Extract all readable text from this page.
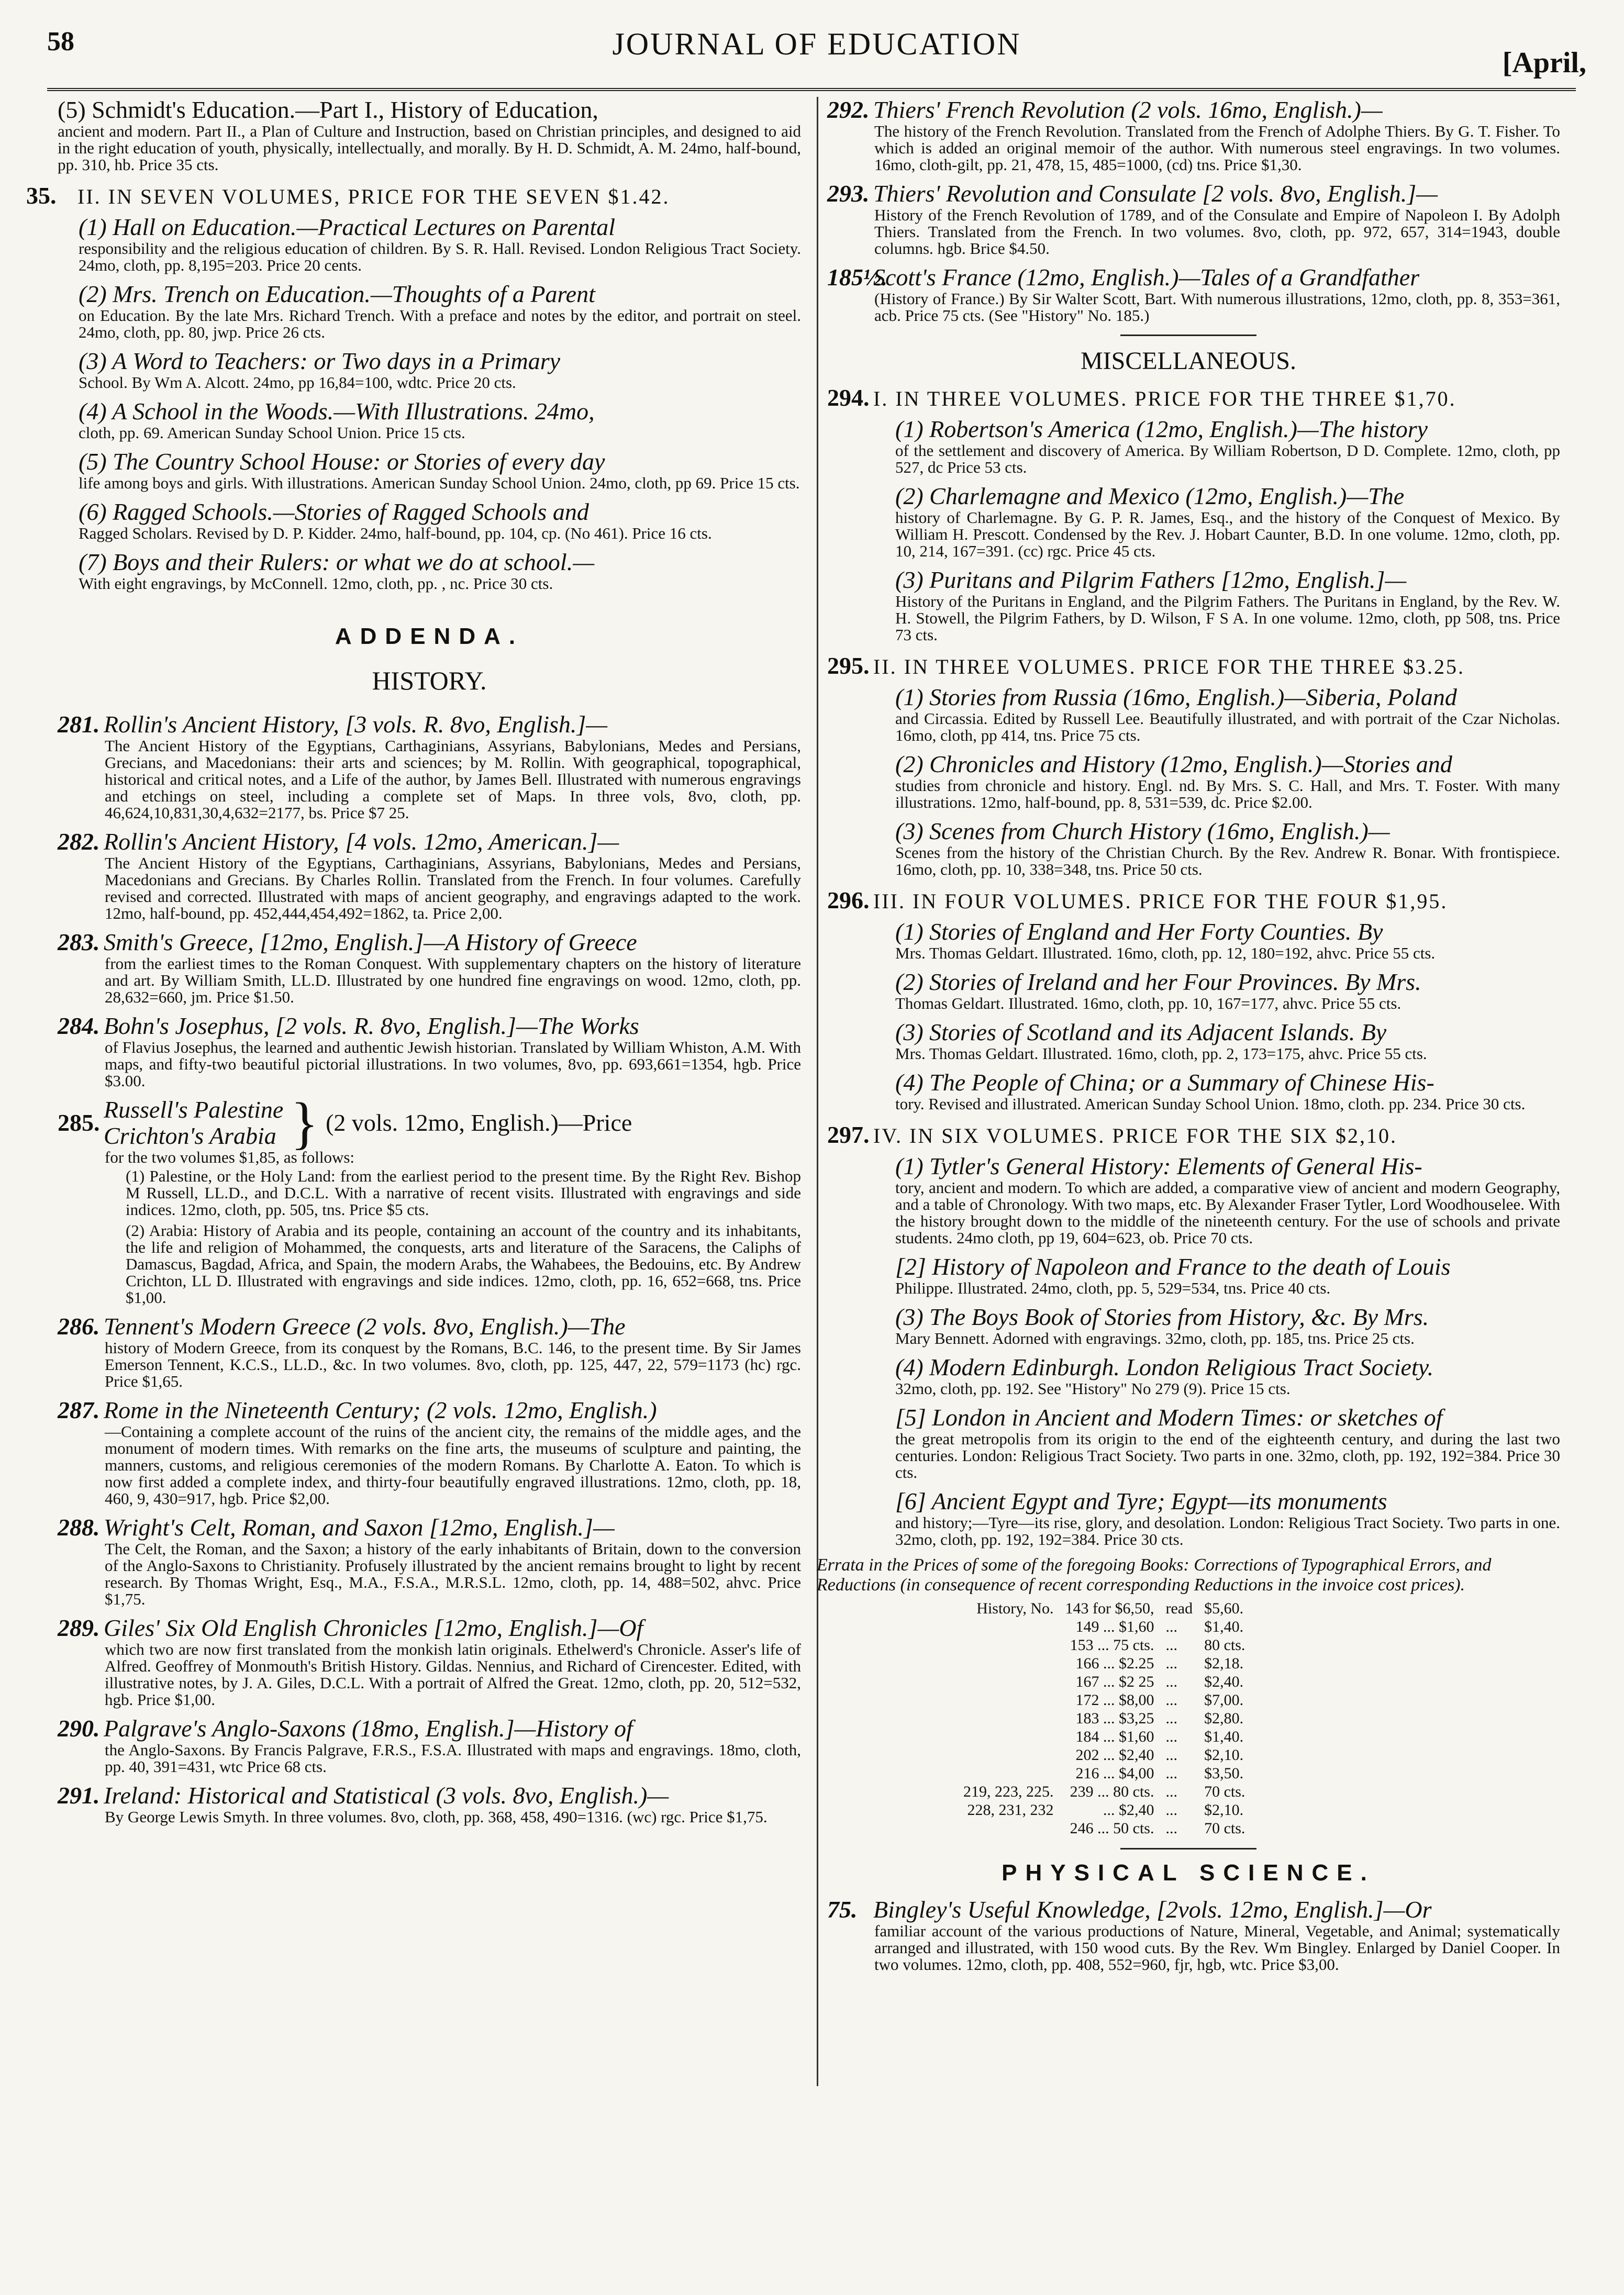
58	JOURNAL OF EDUCATION
[April,
(5) Schmidt's Education.—Part I., History of Education,
ancient and modern. Part II., a Plan of Culture and Instruction, based on Christian principles, and designed to aid in the right education of youth, physically, intellectually, and morally. By H. D. Schmidt, A. M. 24mo, half-bound, pp. 310, hb. Price 35 cts.
35. II. IN SEVEN VOLUMES, PRICE FOR THE SEVEN $1.42.
(1) Hall on Education.—Practical Lectures on Parental
responsibility and the religious education of children. By S. R. Hall. Revised. London Religious Tract Society. 24mo, cloth, pp. 8,195=203. Price 20 cents.
(2) Mrs. Trench on Education.—Thoughts of a Parent
on Education. By the late Mrs. Richard Trench. With a preface and notes by the editor, and portrait on steel. 24mo, cloth, pp. 80, jwp. Price 26 cts.
(3) A Word to Teachers: or Two days in a Primary
School. By Wm A. Alcott. 24mo, pp 16,84=100, wdtc. Price 20 cts.
(4) A School in the Woods.—With Illustrations. 24mo,
cloth, pp. 69. American Sunday School Union. Price 15 cts.
(5) The Country School House: or Stories of every day
life among boys and girls. With illustrations. American Sunday School Union. 24mo, cloth, pp 69. Price 15 cts.
(6) Ragged Schools.—Stories of Ragged Schools and
Ragged Scholars. Revised by D. P. Kidder. 24mo, half-bound, pp. 104, cp. (No 461). Price 16 cts.
(7) Boys and their Rulers: or what we do at school.—
With eight engravings, by McConnell. 12mo, cloth, pp. , nc. Price 30 cts.
ADDENDA.
HISTORY.
281. Rollin's Ancient History, [3 vols. R. 8vo, English.]—
The Ancient History of the Egyptians, Carthaginians, Assyrians, Babylonians, Medes and Persians, Grecians, and Macedonians: their arts and sciences; by M. Rollin. With geographical, topographical, historical and critical notes, and a Life of the author, by James Bell. Illustrated with numerous engravings and etchings on steel, including a complete set of Maps. In three vols, 8vo, cloth, pp. 46,624,10,831,30,4,632=2177, bs. Price $7 25.
282. Rollin's Ancient History, [4 vols. 12mo, American.]—
The Ancient History of the Egyptians, Carthaginians, Assyrians, Babylonians, Medes and Persians, Macedonians and Grecians. By Charles Rollin. Translated from the French. In four volumes. Carefully revised and corrected. Illustrated with maps of ancient geography, and engravings adapted to the work. 12mo, half-bound, pp. 452,444,454,492=1862, ta. Price 2,00.
283. Smith's Greece, [12mo, English.]—A History of Greece
from the earliest times to the Roman Conquest. With supplementary chapters on the history of literature and art. By William Smith, LL.D. Illustrated by one hundred fine engravings on wood. 12mo, cloth, pp. 28,632=660, jm. Price $1.50.
284. Bohn's Josephus, [2 vols. R. 8vo, English.]—The Works
of Flavius Josephus, the learned and authentic Jewish historian. Translated by William Whiston, A.M. With maps, and fifty-two beautiful pictorial illustrations. In two volumes, 8vo, pp. 693,661=1354, hgb. Price $3.00.
285. Russell's Palestine
Crichton's Arabia } (2 vols. 12mo, English.)—Price
for the two volumes $1,85, as follows:
(1) Palestine, or the Holy Land: from the earliest period to the present time. By the Right Rev. Bishop M Russell, LL.D., and D.C.L. With a narrative of recent visits. Illustrated with engravings and side indices. 12mo, cloth, pp. 505, tns. Price $5 cts.
(2) Arabia: History of Arabia and its people, containing an account of the country and its inhabitants, the life and religion of Mohammed, the conquests, arts and literature of the Saracens, the Caliphs of Damascus, Bagdad, Africa, and Spain, the modern Arabs, the Wahabees, the Bedouins, etc. By Andrew Crichton, LL D. Illustrated with engravings and side indices. 12mo, cloth, pp. 16, 652=668, tns. Price $1,00.
286. Tennent's Modern Greece (2 vols. 8vo, English.)—The
history of Modern Greece, from its conquest by the Romans, B.C. 146, to the present time. By Sir James Emerson Tennent, K.C.S., LL.D., &c. In two volumes. 8vo, cloth, pp. 125, 447, 22, 579=1173 (hc) rgc. Price $1,65.
287. Rome in the Nineteenth Century; (2 vols. 12mo, English.)
—Containing a complete account of the ruins of the ancient city, the remains of the middle ages, and the monument of modern times. With remarks on the fine arts, the museums of sculpture and painting, the manners, customs, and religious ceremonies of the modern Romans. By Charlotte A. Eaton. To which is now first added a complete index, and thirty-four beautifully engraved illustrations. 12mo, cloth, pp. 18, 460, 9, 430=917, hgb. Price $2,00.
288. Wright's Celt, Roman, and Saxon [12mo, English.]—
The Celt, the Roman, and the Saxon; a history of the early inhabitants of Britain, down to the conversion of the Anglo-Saxons to Christianity. Profusely illustrated by the ancient remains brought to light by recent research. By Thomas Wright, Esq., M.A., F.S.A., M.R.S.L. 12mo, cloth, pp. 14, 488=502, ahvc. Price $1,75.
289. Giles' Six Old English Chronicles [12mo, English.]—Of
which two are now first translated from the monkish latin originals. Ethelwerd's Chronicle. Asser's life of Alfred. Geoffrey of Monmouth's British History. Gildas. Nennius, and Richard of Cirencester. Edited, with illustrative notes, by J. A. Giles, D.C.L. With a portrait of Alfred the Great. 12mo, cloth, pp. 20, 512=532, hgb. Price $1,00.
290. Palgrave's Anglo-Saxons (18mo, English.]—History of
the Anglo-Saxons. By Francis Palgrave, F.R.S., F.S.A. Illustrated with maps and engravings. 18mo, cloth, pp. 40, 391=431, wtc Price 68 cts.
291. Ireland: Historical and Statistical (3 vols. 8vo, English.)—
By George Lewis Smyth. In three volumes. 8vo, cloth, pp. 368, 458, 490=1316. (wc) rgc. Price $1,75.
292. Thiers' French Revolution (2 vols. 16mo, English.)—
The history of the French Revolution. Translated from the French of Adolphe Thiers. By G. T. Fisher. To which is added an original memoir of the author. With numerous steel engravings. In two volumes. 16mo, cloth-gilt, pp. 21, 478, 15, 485=1000, (cd) tns. Price $1,30.
293. Thiers' Revolution and Consulate [2 vols. 8vo, English.]—
History of the French Revolution of 1789, and of the Consulate and Empire of Napoleon I. By Adolph Thiers. Translated from the French. In two volumes. 8vo, cloth, pp. 972, 657, 314=1943, double columns. hgb. Brice $4.50.
185½.Scott's France (12mo, English.)—Tales of a Grandfather
(History of France.) By Sir Walter Scott, Bart. With numerous illustrations, 12mo, cloth, pp. 8, 353=361, acb. Price 75 cts. (See "History" No. 185.)
MISCELLANEOUS.
294. I. IN THREE VOLUMES. PRICE FOR THE THREE $1,70.
(1) Robertson's America (12mo, English.)—The history
of the settlement and discovery of America. By William Robertson, D D. Complete. 12mo, cloth, pp 527, dc Price 53 cts.
(2) Charlemagne and Mexico (12mo, English.)—The
history of Charlemagne. By G. P. R. James, Esq., and the history of the Conquest of Mexico. By William H. Prescott. Condensed by the Rev. J. Hobart Caunter, B.D. In one volume. 12mo, cloth, pp. 10, 214, 167=391. (cc) rgc. Price 45 cts.
(3) Puritans and Pilgrim Fathers [12mo, English.]—
History of the Puritans in England, and the Pilgrim Fathers. The Puritans in England, by the Rev. W. H. Stowell, the Pilgrim Fathers, by D. Wilson, F S A. In one volume. 12mo, cloth, pp 508, tns. Price 73 cts.
295. II. IN THREE VOLUMES. PRICE FOR THE THREE $3.25.
(1) Stories from Russia (16mo, English.)—Siberia, Poland
and Circassia. Edited by Russell Lee. Beautifully illustrated, and with portrait of the Czar Nicholas. 16mo, cloth, pp 414, tns. Price 75 cts.
(2) Chronicles and History (12mo, English.)—Stories and
studies from chronicle and history. Engl. nd. By Mrs. S. C. Hall, and Mrs. T. Foster. With many illustrations. 12mo, half-bound, pp. 8, 531=539, dc. Price $2.00.
(3) Scenes from Church History (16mo, English.)—
Scenes from the history of the Christian Church. By the Rev. Andrew R. Bonar. With frontispiece. 16mo, cloth, pp. 10, 338=348, tns. Price 50 cts.
296. III. IN FOUR VOLUMES. PRICE FOR THE FOUR $1,95.
(1) Stories of England and Her Forty Counties. By
Mrs. Thomas Geldart. Illustrated. 16mo, cloth, pp. 12, 180=192, ahvc. Price 55 cts.
(2) Stories of Ireland and her Four Provinces. By Mrs.
Thomas Geldart. Illustrated. 16mo, cloth, pp. 10, 167=177, ahvc. Price 55 cts.
(3) Stories of Scotland and its Adjacent Islands. By
Mrs. Thomas Geldart. Illustrated. 16mo, cloth, pp. 2, 173=175, ahvc. Price 55 cts.
(4) The People of China; or a Summary of Chinese His-
tory. Revised and illustrated. American Sunday School Union. 18mo, cloth. pp. 234. Price 30 cts.
297. IV. IN SIX VOLUMES. PRICE FOR THE SIX $2,10.
(1) Tytler's General History: Elements of General His-
tory, ancient and modern. To which are added, a comparative view of ancient and modern Geography, and a table of Chronology. With two maps, etc. By Alexander Fraser Tytler, Lord Woodhouselee. With the history brought down to the middle of the nineteenth century. For the use of schools and private students. 24mo cloth, pp 19, 604=623, ob. Price 70 cts.
[2] History of Napoleon and France to the death of Louis
Philippe. Illustrated. 24mo, cloth, pp. 5, 529=534, tns. Price 40 cts.
(3) The Boys Book of Stories from History, &c. By Mrs.
Mary Bennett. Adorned with engravings. 32mo, cloth, pp. 185, tns. Price 25 cts.
(4) Modern Edinburgh. London Religious Tract Society.
32mo, cloth, pp. 192. See "History" No 279 (9). Price 15 cts.
[5] London in Ancient and Modern Times: or sketches of
the great metropolis from its origin to the end of the eighteenth century, and during the last two centuries. London: Religious Tract Society. Two parts in one. 32mo, cloth, pp. 192, 192=384. Price 30 cts.
[6] Ancient Egypt and Tyre; Egypt—its monuments
and history;—Tyre—its rise, glory, and desolation. London: Religious Tract Society. Two parts in one. 32mo, cloth, pp. 192, 192=384. Price 30 cts.
Errata in the Prices of some of the foregoing Books: Corrections of Typographical Errors, and Reductions (in consequence of recent corresponding Reductions in the invoice cost prices).
History, No.	143 for $6,50,	read	$5,60.
	149 ... $1,60	...	$1,40.
	153 ... 75 cts.	...	80 cts.
	166 ... $2.25	...	$2,18.
	167 ... $2 25	...	$2,40.
	172 ... $8,00	...	$7,00.
	183 ... $3,25	...	$2,80.
	184 ... $1,60	...	$1,40.
	202 ... $2,40	...	$2,10.
	216 ... $4,00	...	$3,50.
219, 223, 225.	239 ... 80 cts.	...	70 cts.
228, 231, 232	... $2,40	...	$2,10.
	246 ... 50 cts.	...	70 cts.
PHYSICAL SCIENCE.
75. Bingley's Useful Knowledge, [2vols. 12mo, English.]—Or
familiar account of the various productions of Nature, Mineral, Vegetable, and Animal; systematically arranged and illustrated, with 150 wood cuts. By the Rev. Wm Bingley. Enlarged by Daniel Cooper. In two volumes. 12mo, cloth, pp. 408, 552=960, fjr, hgb, wtc. Price $3,00.
